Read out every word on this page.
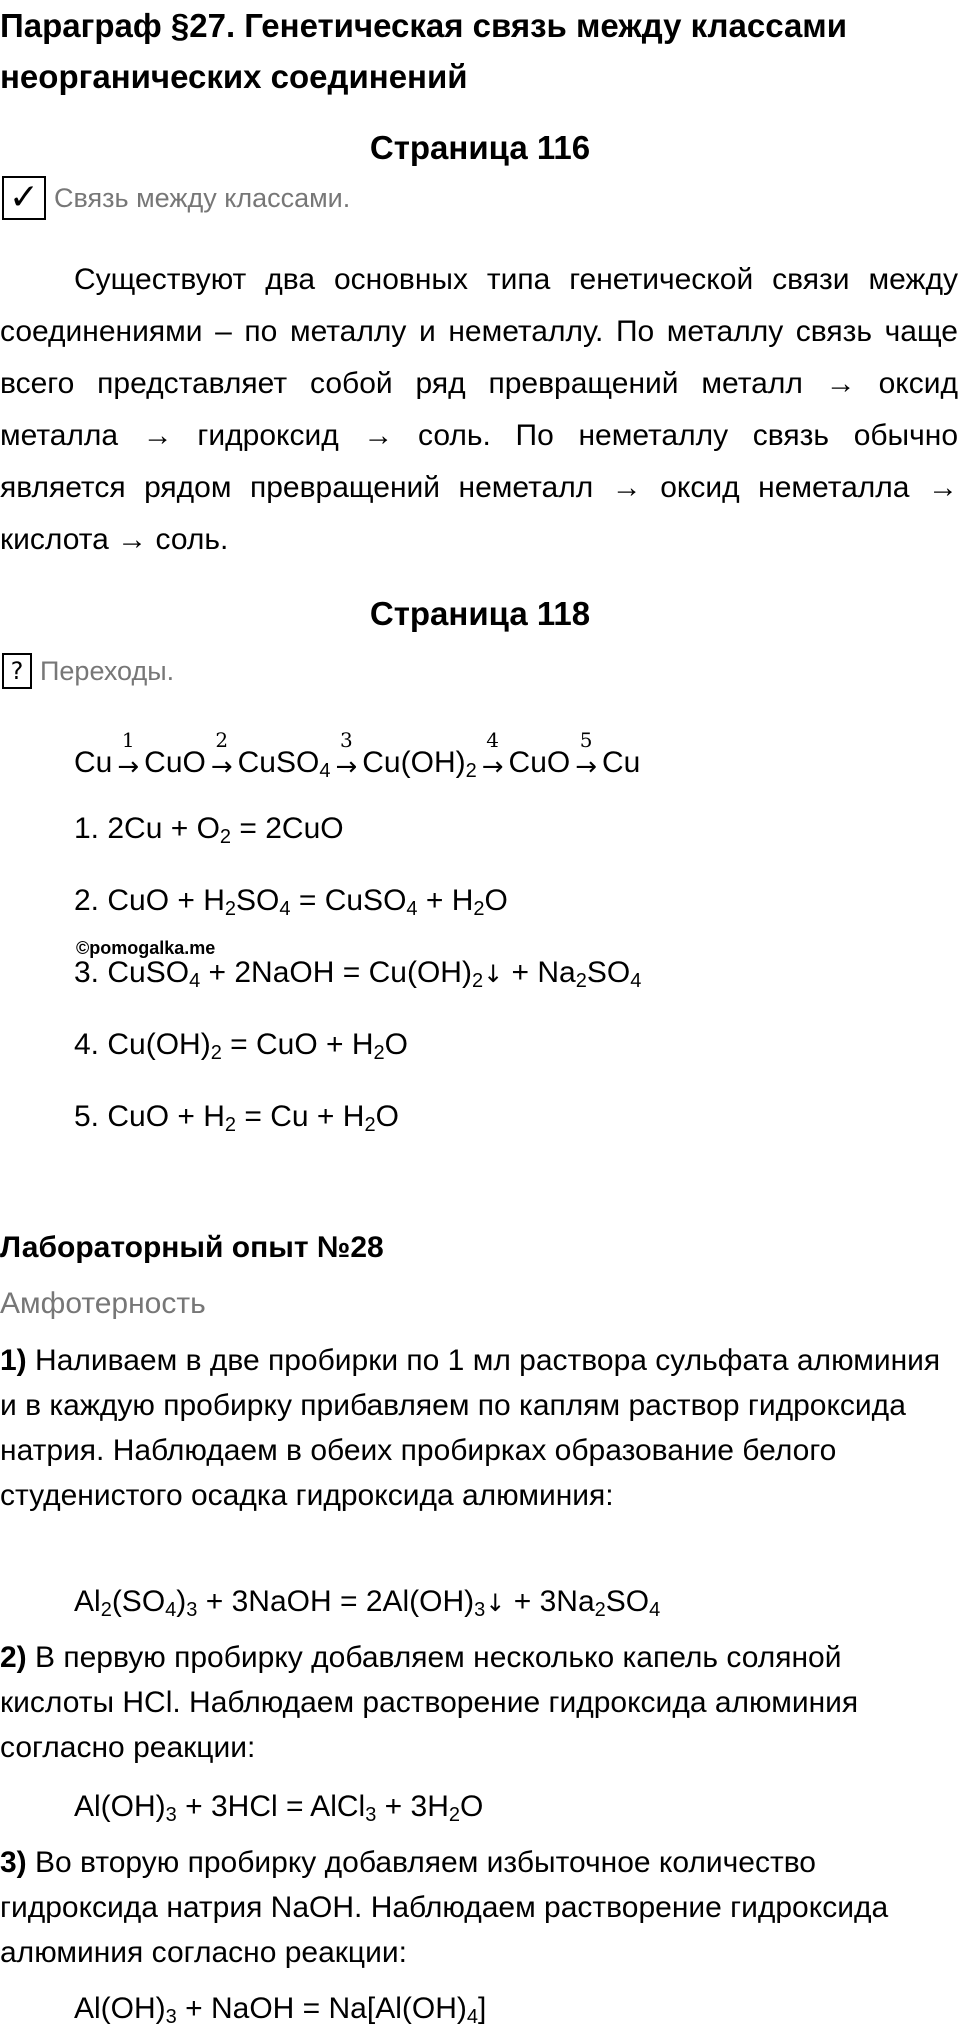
Параграф §27. Генетическая связь между классами неорганических соединений
Страница 116
✓ Связь между классами.
Существуют два основных типа генетической связи между соединениями – по металлу и неметаллу. По металлу связь чаще всего представляет собой ряд превращений металл → оксид металла → гидроксид → соль. По неметаллу связь обычно является рядом превращений неметалл → оксид неметалла → кислота → соль.
Страница 118
? Переходы.
Cu
1
→ CuO
2
→ CuSO$_4$
3
→ $Cu(OH)_2$
4
→ CuO
5
→ Cu
1. $2Cu + O_2 = 2CuO$
2. CuO + $H_2SO_4$ = CuSO$_4$ + $H_2O$
©pomogalka.me
3. CuSO$_4$ + 2NaOH = $Cu(OH)_2↓ + Na_2SO_4$
4. $Cu(OH)_2$ = CuO + $H_2O$
5. CuO + $H_2 = Cu + H_2O$
Лабораторный опыт №28
Амфотерность
1) Наливаем в две пробирки по 1 мл раствора сульфата алюминия и в каждую пробирку прибавляем по каплям раствор гидроксида натрия. Наблюдаем в обеих пробирках образование белого студенистого осадка гидроксида алюминия:
$Al_2(SO_4)_3$ + 3NaOH = $2Al(OH)_3↓ + 3Na_2SO_4$
2) В первую пробирку добавляем несколько капель соляной кислоты HCl. Наблюдаем растворение гидроксида алюминия согласно реакции:
$Al(OH)_3 + 3HCl$ = AlCl$_3$ + $3H_2O$
3) Во вторую пробирку добавляем избыточное количество гидроксида натрия NaOH. Наблюдаем растворение гидроксида алюминия согласно реакции:
$Al(OH)_3$ + NaOH = $Na[Al(OH)_4]$
